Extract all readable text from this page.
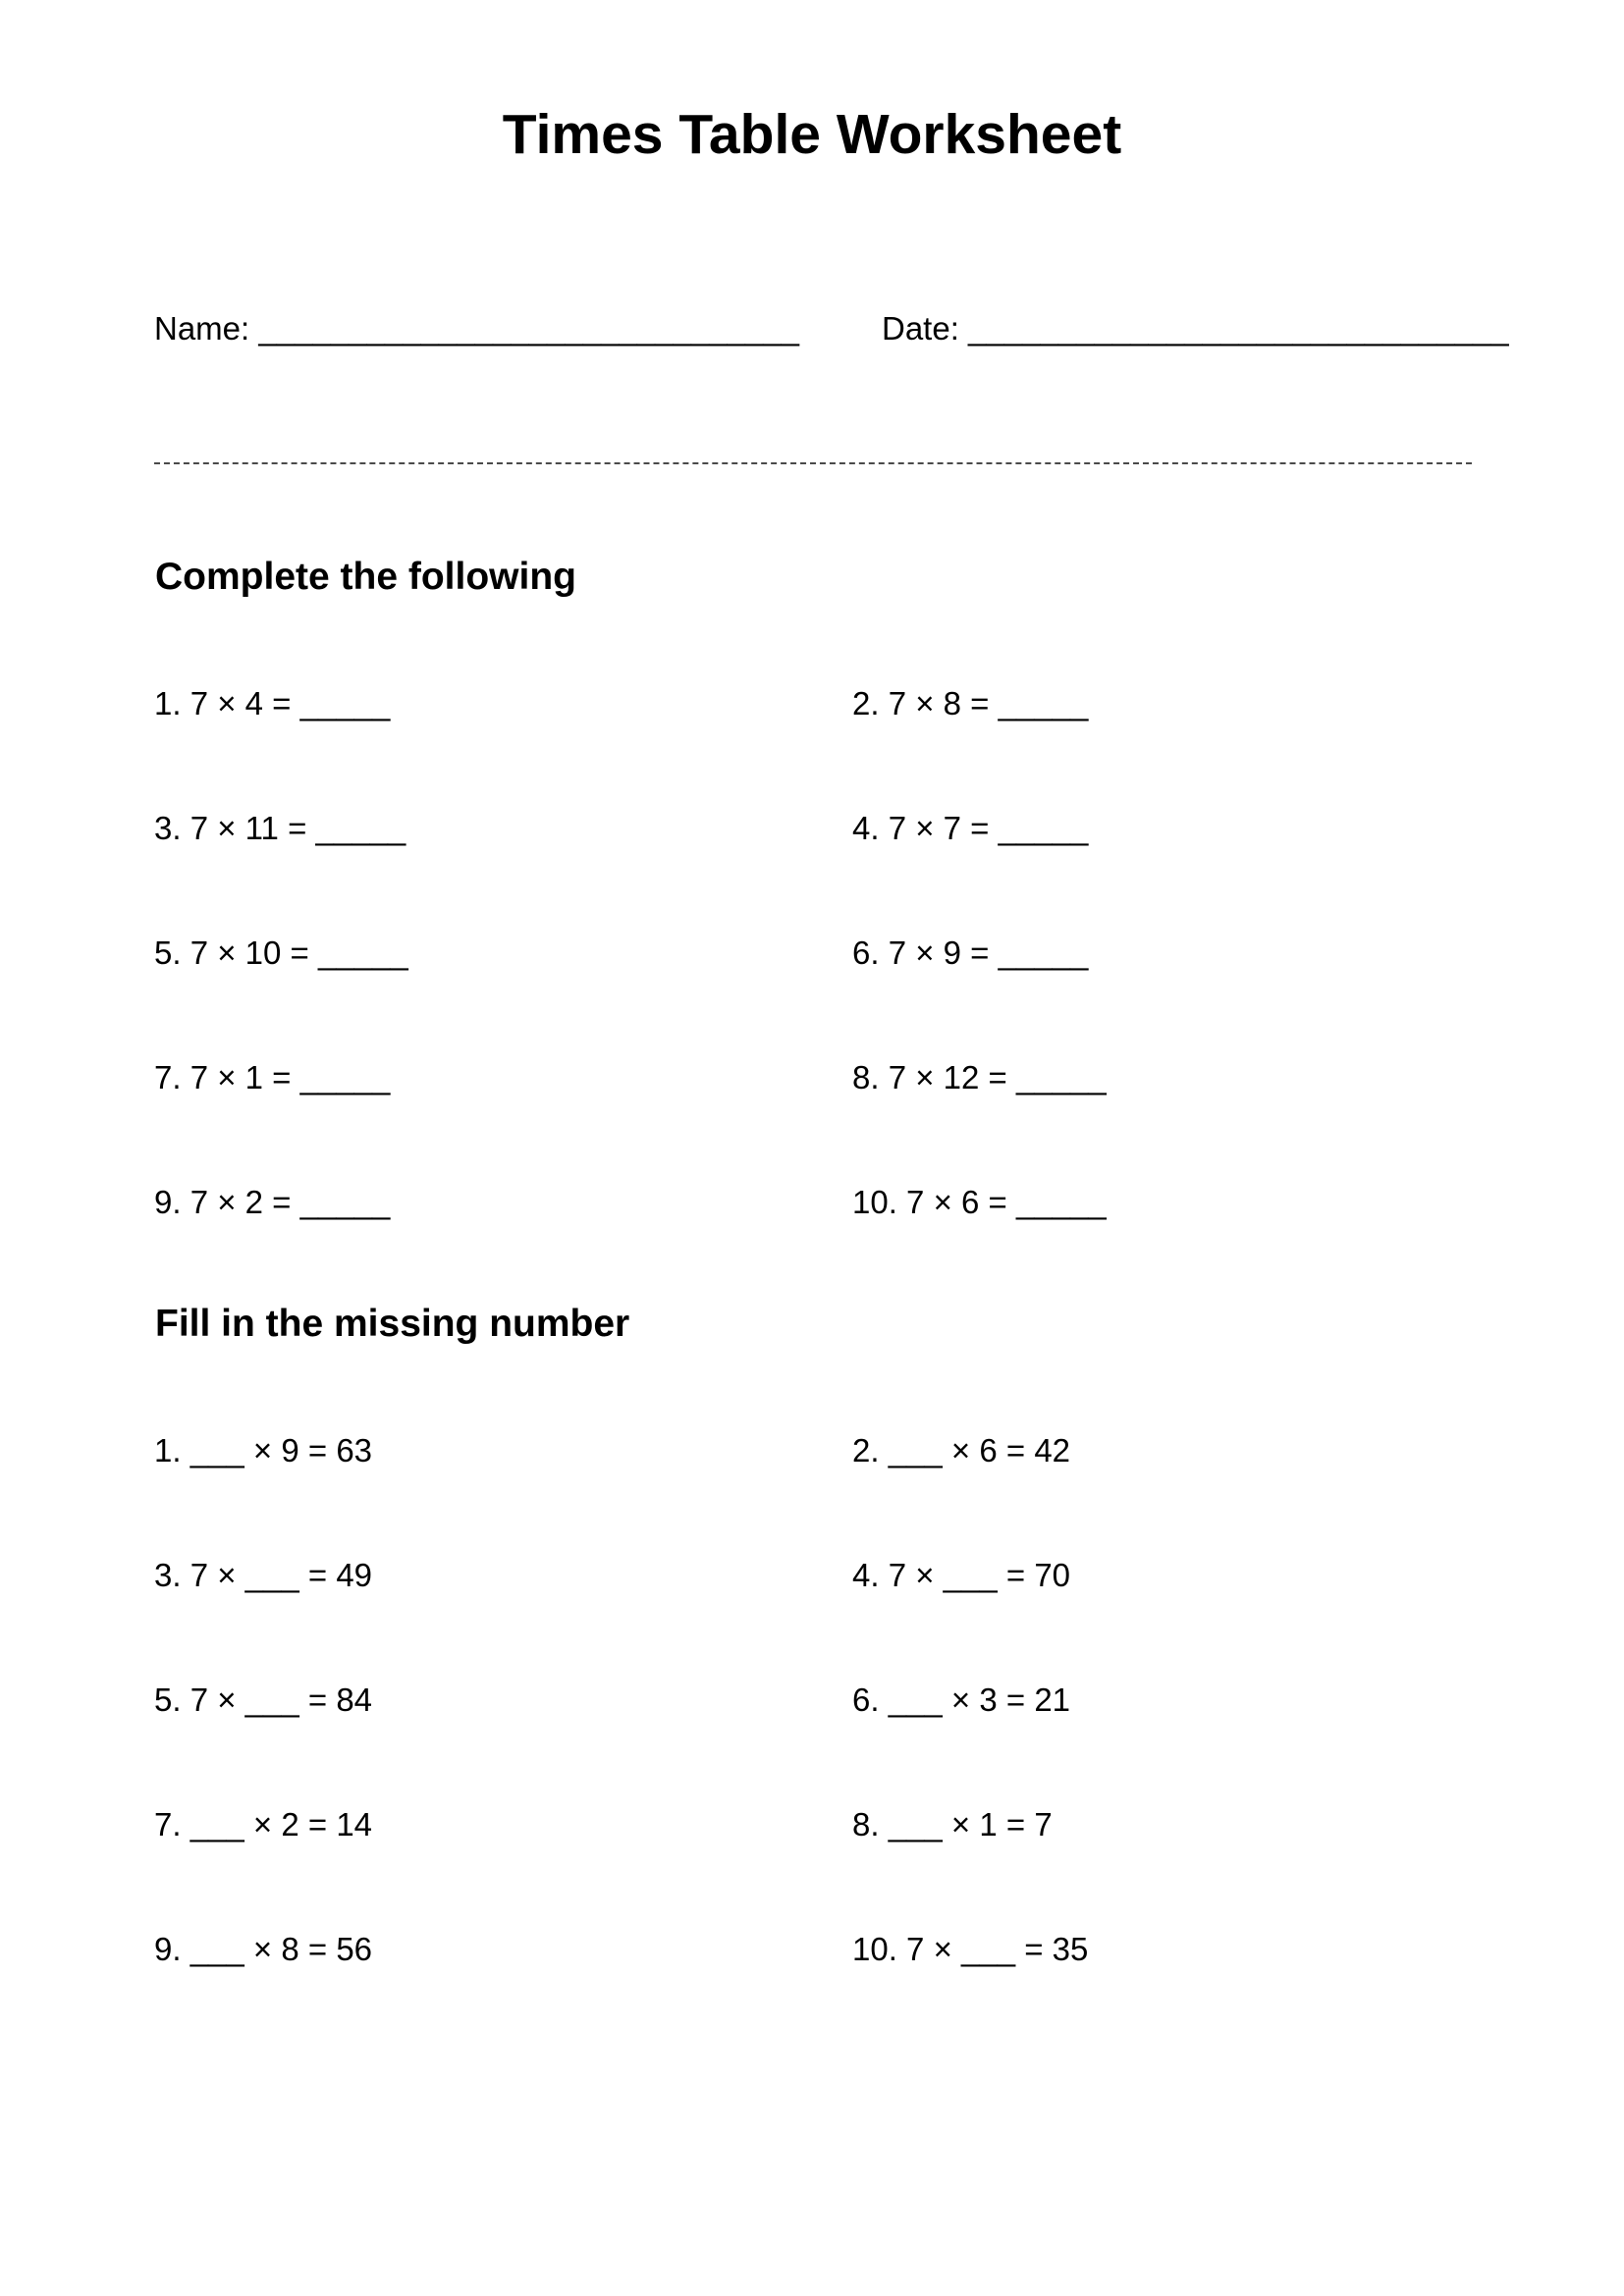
Times Table Worksheet
Name: ______________________________	Date: ______________________________
Complete the following
1. 7 × 4 = _____	2. 7 × 8 = _____
3. 7 × 11 = _____	4. 7 × 7 = _____
5. 7 × 10 = _____	6. 7 × 9 = _____
7. 7 × 1 = _____	8. 7 × 12 = _____
9. 7 × 2 = _____	10. 7 × 6 = _____
Fill in the missing number
1. ___ × 9 = 63	2. ___ × 6 = 42
3. 7 × ___ = 49	4. 7 × ___ = 70
5. 7 × ___ = 84	6. ___ × 3 = 21
7. ___ × 2 = 14	8. ___ × 1 = 7
9. ___ × 8 = 56	10. 7 × ___ = 35
